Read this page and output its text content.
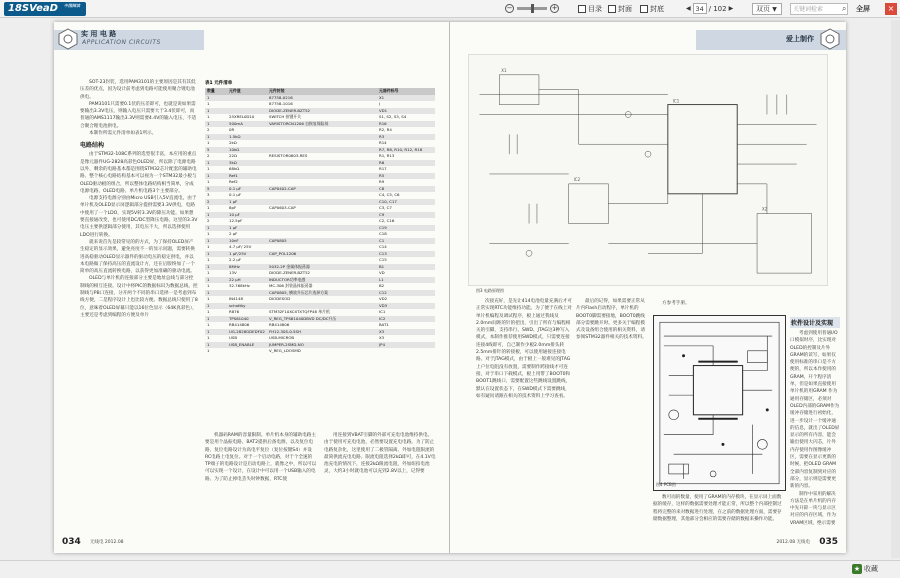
18SVeaD 中国阅读	−	+	目录 封面	封底	◀ 34 / 102 ▶	双页 ▼	关键词检索	⌕ 全屏	×
实 用 电 路
APPLICATION CIRCUITS

SOT-23封装，选用PAM3101的主要原因是其有其低压差的优点，因为设计前考虑到电路可能使用聚合锂电池供电。

PAM3101只需要0.1伏的压差即可，也就是说如果需要输出3.3V电压，则输入电压只需要大于3.4伏即可，而普通的AMS1117输出3.3V则需要4.4V的输入电压，不适合聚合锂电池供电。

本制作所需元件清单如表1所示。

电路结构

由于STM32-108C系列的选型很丰富，本应用的重点是像元器件UG-2828高彩色OLED屏，所以除了电源电路以外，剩余的电路基本都是围绕STM32芯片配套的辅助电路。整个核心电路结构基本可以视为一个STM32最小板与OLED驱动板的组合，所以整体电路结构相当简单，分成电源电路、OLED电路、单片机电路3个主要部分。

电源支持电源分别由Micro USB引入5V直流电，由于单片机及OLED显示屏逻辑部分提供需要3.3V供电，电路中使用了一个LDO，实现5V转3.3V的降压功能。如果想要直接通改变，也可使用DC/DC型降压电路。这里的3.3V电压主要供逻辑部分使用，其电压不大，所以选择使用LDO进行转换。

就来说首先是较常见的的方式，为了保持OLED屏产生稳定的显示效果，避免亮度不一的显示问题，需要转换进高稳驱动OLED显示器件的驱动电压的稳定供电，并以本电路做了保持高压的直流设计方，还在后版终加了一个简单的高压直流转换电路，以获得更加准确的驱动电流。

OLED与单片机的连接部分主要是地址总线与部分控制线的相互连接。设计中将PIC的数据标识为数据总线，控制线与PB口连接，分开两个不同的串口选择一是考虑到布线方便，二是程序设计上也比较方便。数据总线只使用了8位，意味着OLED屏幕只能以16位色显示（64K真彩色），主要还是考虑到编程的方便及单片

表1 元件清单
数量	元件值	元件封装	元器件标号
1		87758-0216	X1
1		87758-1016	J
1		DIODE-ZENER-BZT52	VD1
1	25XREL0D10	SWITCH 按键开关	S1, S2, S3, S4
1	500mA	VARISTORCN1206 自恢复保险丝	R16
2	0R		R2, R4
1	1.5kΩ		R3
1	2kΩ		R14
5	10kΩ		R7, R8, R10, R12, R18
2	22Ω	RESISTOR0603-RES	R1, R13
1	3kΩ		R6
1	68kΩ		R17
1	Ref1		R5
1	Ref2		R9
5	0.1 μF	CAP0402-CAP	C8
3	0.1 μF		C4, C5, C6
2	1 μF		C10, C17
1	8pF	CAP0603-CAP	C3, C7
1	10 μF		C9
2	12.5pF		C2, C16
1	1 μF		C19
1	2 μF		C18
1	10nF	CAP0805	C1
1	4.7 μF/ 25V		C14
1	1 μF/25V	CAP_POL1206	C13
1	2.2 μF		C15
1	8MHz	5032-2P 金属体振荡器	B1
1	13V	DIODE-ZENER-BZT52	VD
1	22 μH	INDUCTOR功率电感	L1
1	32.768kHz	MC-306 封装晶体振荡器	B2
1		CAP0805, 横放升压芯片选择方案	C12
1	IN4148	DIODESOD	VD2
1	schottky		VD3
1	R876	STM32F10XCXTXTQFP48 单片机	IC1
1	TPS61040	V_REG_TPS61040DBVD DC/DC升压	IC2
1	RB414806	RB414806	BAT1
1	UG-2828GDEDF02	FH12-30S-0.5SH	X3
1	USB	USB-MICROB	X3
1	USB_ENABLE	JUMPER-2SMD-NO	JP4
1		V_REG_LDOSMD	

机器码RAM的容量限制。单片机本身的辅助电路主要是用个晶振电路、BAT2提供后备电源，以及复位电路，复位电路设计为高电平复位（复位按键S4）并设RC电路上电复位。对于一个启动电路，对于个全速的TP端子的电路设计是启动电路上，就像之中，所以可以可以实现一个设计，在设计中可以用一个USB输入的电路。为了防止掉电丢失时钟数据，RTC使

用连接到VBAT引脚的外部可充电电池维持供电。由于使用可充电电池，必然要设置充电电路。为了防止电路复杂化，这里使用了二极管隔离、外加电阻限流的最简供流充电电路。限流电阻选择2kΩ即可，在4.1V电池充电的情况下，连接2kΩ限流电阻，外加纽扣电池灵，大约3小时就电池可以充到2.8V以上，记得要

034 无线电 2012.08
爱上制作
IC1
IC2
X2
X1
图3 电路原理图

次接充好，是先让414电池电量充满后才可正常实现RTC功能维持功能。为了便于在线上对单片机编程及调试程序，板上通过我线及2.0mm间距的针的把出，引出了所有与编程相关的引脚，支持串行、SWD、JTAG这3种写入模式，本制作推荐使用SWD模式，只需要连接连接4线即可，自己制作少板2.0mm排头转2.5mm排针的转接板，可以使用通接连接电路。对于JTAG模式，由于板上一般难见的JTAG上户位电阻没有放置，需要制作跨接线才可连接，对于串口下载模式，板上用带了BOOT0和BOOT1跳线口，需要配置这些跳线设置跳线，默认在设置状态下，在SWD模式下需要跳线，如有疑问请跟在相关的技术资料上学习查看。

最后的记得，如果需要正常从片内Flash启动程序，单片机的BOOT0脚需要接地，BOOT0跳线部分需要跳开时。更多关于编程模式及设备组合使用的相关资料，请参阅STM32器件相关的技术资料。

方参考手册。

图4 PCB图

数可而的数量，使用了GRAM的内存模块，在显示屏上面数据的缓存，这样的数据需要处理才能正常，所以整个内部控制过程将完整的来对数据进行处理，在之前的数据处理方面，需要存储数据整理，其他部分会相应的需要存储的数据来操作功能。

软件设计及实现

考虑到使用普通I/O口模拟时序，比实现对OLED的控制及片外GRAM的读写，如果仅使用标准的串口是不方便的，所以本作使用的GRAM，开个程序清单，但是如果直接使用单片机的用GRAM 作为通用存储区，必须对OLED内部的GRAM作为缓冲存储进行初始化，进一步设计一个缓冲通的信息，就出了OLED屏显示的所有内容，能会输出使用大闪芯，片外内存使用作图像缓冲区，需要在显示更新的时候，把OLED GRAM全部内容复制到对应的部分，显示则是需要更新的内容。

制作中采用的解决方法是在单片机的内存中先开辟一块与显示区对应的内存区域，作为VRAM区域，绝示需要

2012.08 无线电 035
★ 收藏
